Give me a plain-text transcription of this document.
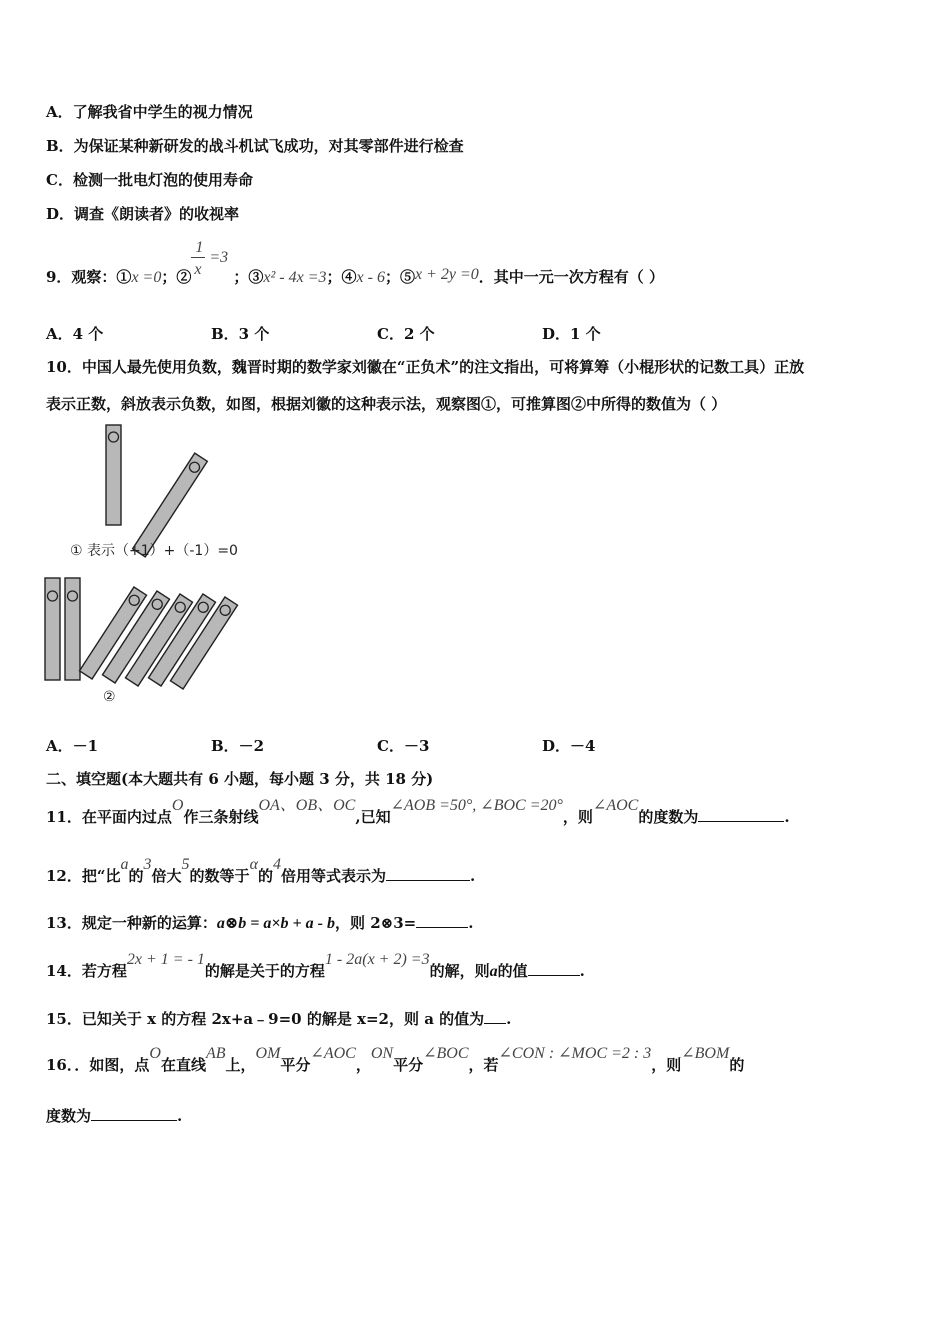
A．了解我省中学生的视力情况
B．为保证某种新研发的战斗机试飞成功，对其零部件进行检查
C．检测一批电灯泡的使用寿命
D．调查《朗读者》的收视率
9．观察：①x =0；②
1
x
=3
；③x² - 4x =3；④x - 6；⑤x + 2y =0．其中一元一次方程有（ ）
A．4 个	B．3 个	C．2 个	D．1 个
10．中国人最先使用负数，魏晋时期的数学家刘徽在“正负术”的注文指出，可将算筹（小棍形状的记数工具）正放
表示正数，斜放表示负数，如图，根据刘徽的这种表示法，观察图①，可推算图②中所得的数值为（ ）
① 表示（+1）+（-1）=0
②
A．－1	B．－2	C．－3	D．－4
二、填空题(本大题共有 6 小题，每小题 3 分，共 18 分)
11．在平面内过点O作三条射线OA、OB、OC,已知∠AOB =50°, ∠BOC =20°，则∠AOC的度数为	.
12．把“比a的3倍大5的数等于α的4倍用等式表示为	.
13．规定一种新的运算：a⊗b = a×b + a - b，则 2⊗3=	.
14．若方程2x + 1 = - 1的解是关于的方程1 - 2a(x + 2) =3的解，则a的值	.
15．已知关于 x 的方程 2x+a﹣9=0 的解是 x=2，则 a 的值为 .
16．．如图，点O在直线AB上，OM平分∠AOC，ON平分∠BOC，若∠CON : ∠MOC =2 : 3，则∠BOM的
度数为	.
